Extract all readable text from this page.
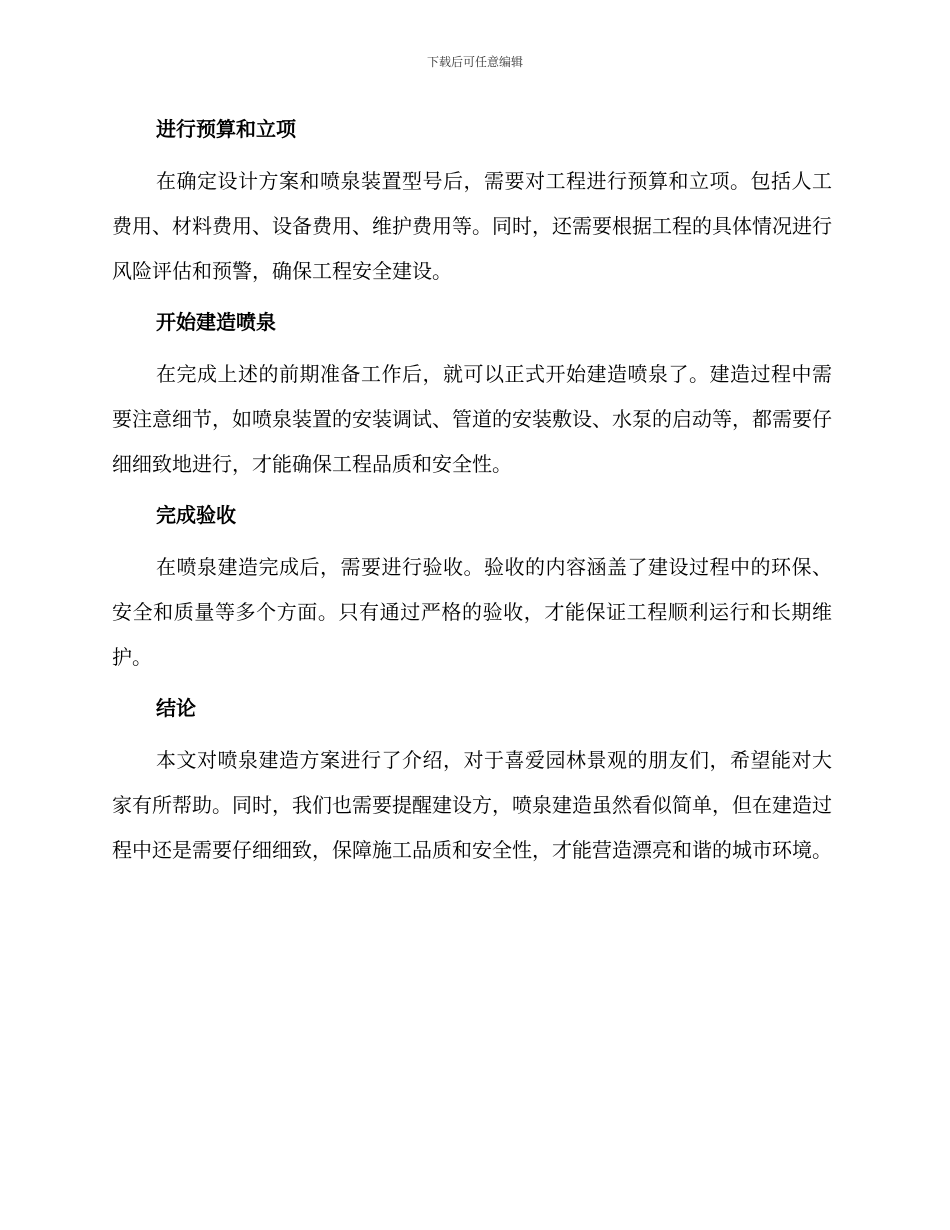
下载后可任意编辑
进行预算和立项
在确定设计方案和喷泉装置型号后，需要对工程进行预算和立项。包括人工费用、材料费用、设备费用、维护费用等。同时，还需要根据工程的具体情况进行风险评估和预警，确保工程安全建设。
开始建造喷泉
在完成上述的前期准备工作后，就可以正式开始建造喷泉了。建造过程中需要注意细节，如喷泉装置的安装调试、管道的安装敷设、水泵的启动等，都需要仔细细致地进行，才能确保工程品质和安全性。
完成验收
在喷泉建造完成后，需要进行验收。验收的内容涵盖了建设过程中的环保、安全和质量等多个方面。只有通过严格的验收，才能保证工程顺利运行和长期维护。
结论
本文对喷泉建造方案进行了介绍，对于喜爱园林景观的朋友们，希望能对大家有所帮助。同时，我们也需要提醒建设方，喷泉建造虽然看似简单，但在建造过程中还是需要仔细细致，保障施工品质和安全性，才能营造漂亮和谐的城市环境。
